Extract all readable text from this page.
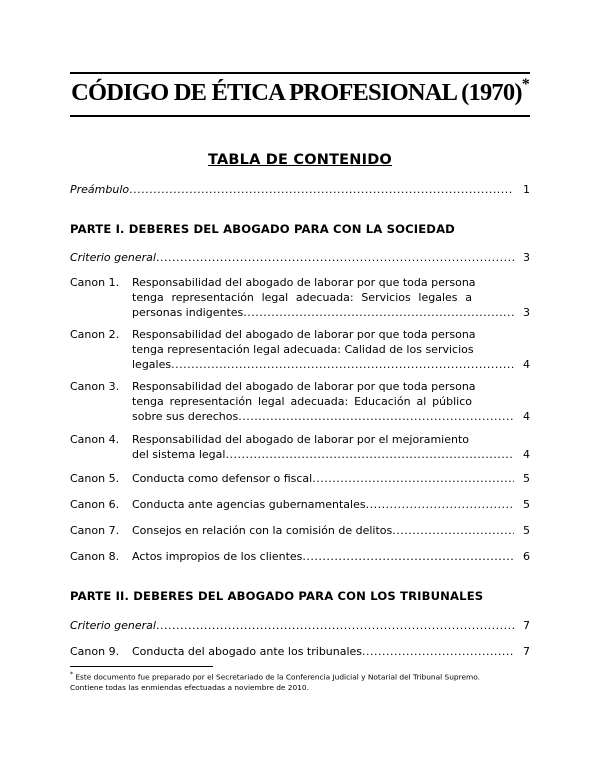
CÓDIGO DE ÉTICA PROFESIONAL (1970)*
TABLA DE CONTENIDO
Preámbulo .....	1
PARTE I. DEBERES DEL ABOGADO PARA CON LA SOCIEDAD
Criterio general .....	3
Canon 1.	Responsabilidad del abogado de laborar por que toda persona
tenga representación legal adecuada: Servicios legales a
personas indigentes .....	3
Canon 2.	Responsabilidad del abogado de laborar por que toda persona
tenga representación legal adecuada: Calidad de los servicios
legales .....	4
Canon 3.	Responsabilidad del abogado de laborar por que toda persona
tenga representación legal adecuada: Educación al público
sobre sus derechos .....	4
Canon 4.	Responsabilidad del abogado de laborar por el mejoramiento
del sistema legal .....	4
Canon 5.	Conducta como defensor o fiscal .....	5
Canon 6.	Conducta ante agencias gubernamentales .....	5
Canon 7.	Consejos en relación con la comisión de delitos .....	5
Canon 8.	Actos impropios de los clientes .....	6
PARTE II. DEBERES DEL ABOGADO PARA CON LOS TRIBUNALES
Criterio general .....	7
Canon 9.	Conducta del abogado ante los tribunales .....	7
* Este documento fue preparado por el Secretariado de la Conferencia Judicial y Notarial del Tribunal Supremo.
Contiene todas las enmiendas efectuadas a noviembre de 2010.
